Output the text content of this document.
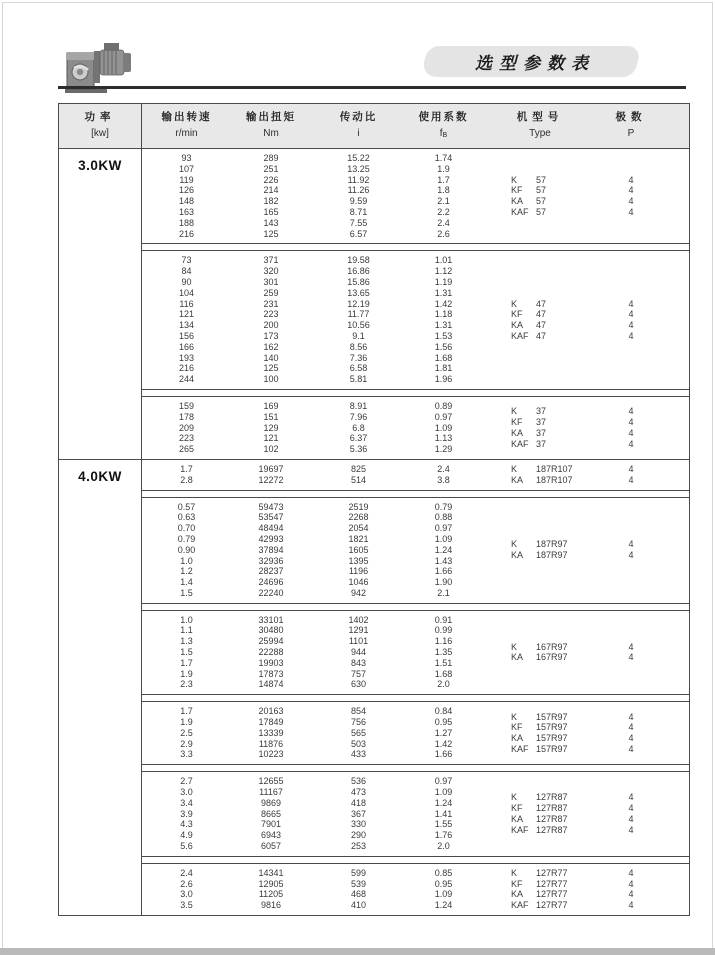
选型参数表
功率
[kw]
输出转速
r/min
输出扭矩
Nm
传动比
i
使用系数
fB
机型号
Type
极数
P
3.0KW	93
107
119
126
148
163
188
216
289
251
226
214
182
165
143
125
15.22
13.25
11.92
11.26
9.59
8.71
7.55
6.57
1.74
1.9
1.7
1.8
2.1
2.2
2.4
2.6
K 57
KF 57
KA 57
KAF 57
4
4
4
4
73
84
90
104
116
121
134
156
166
193
216
244
371
320
301
259
231
223
200
173
162
140
125
100
19.58
16.86
15.86
13.65
12.19
11.77
10.56
9.1
8.56
7.36
6.58
5.81
1.01
1.12
1.19
1.31
1.42
1.18
1.31
1.53
1.56
1.68
1.81
1.96
K 47
KF 47
KA 47
KAF 47
4
4
4
4
159
178
209
223
265
169
151
129
121
102
8.91
7.96
6.8
6.37
5.36
0.89
0.97
1.09
1.13
1.29
K 37
KF 37
KA 37
KAF 37
4
4
4
4
4.0KW	1.7
2.8
19697
12272
825
514
2.4
3.8
K 187R107
KA 187R107
4
4
0.57
0.63
0.70
0.79
0.90
1.0
1.2
1.4
1.5
59473
53547
48494
42993
37894
32936
28237
24696
22240
2519
2268
2054
1821
1605
1395
1196
1046
942
0.79
0.88
0.97
1.09
1.24
1.43
1.66
1.90
2.1
K 187R97
KA 187R97
4
4
1.0
1.1
1.3
1.5
1.7
1.9
2.3
33101
30480
25994
22288
19903
17873
14874
1402
1291
1101
944
843
757
630
0.91
0.99
1.16
1.35
1.51
1.68
2.0
K 167R97
KA 167R97
4
4
1.7
1.9
2.5
2.9
3.3
20163
17849
13339
11876
10223
854
756
565
503
433
0.84
0.95
1.27
1.42
1.66
K 157R97
KF 157R97
KA 157R97
KAF 157R97
4
4
4
4
2.7
3.0
3.4
3.9
4.3
4.9
5.6
12655
11167
9869
8665
7901
6943
6057
536
473
418
367
330
290
253
0.97
1.09
1.24
1.41
1.55
1.76
2.0
K 127R87
KF 127R87
KA 127R87
KAF 127R87
4
4
4
4
2.4
2.6
3.0
3.5
14341
12905
11205
9816
599
539
468
410
0.85
0.95
1.09
1.24
K 127R77
KF 127R77
KA 127R77
KAF 127R77
4
4
4
4
